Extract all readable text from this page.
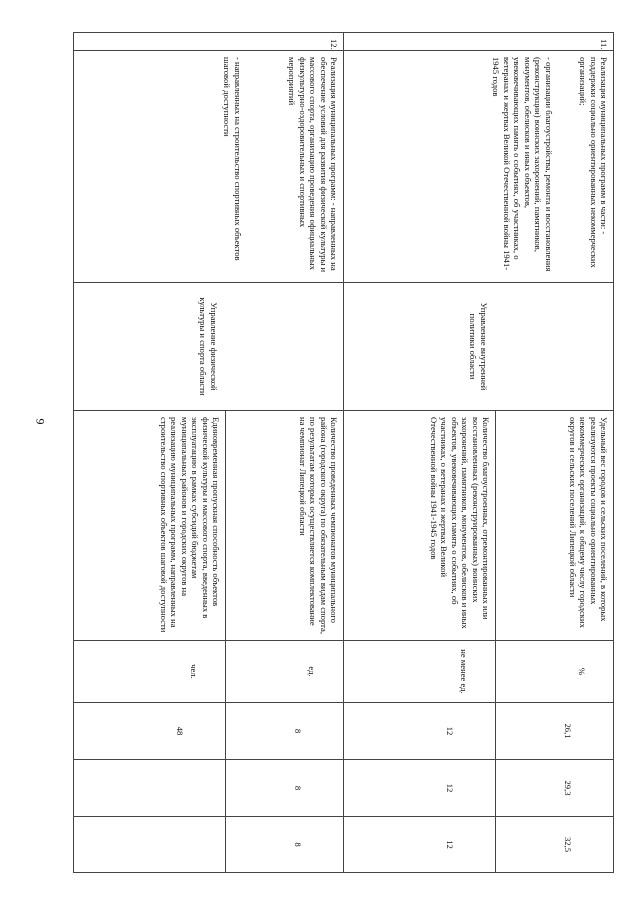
9
11.	Реализация муниципальных программ в части: - поддержки социально ориентированных некоммерческих организаций;

- организации благоустройства, ремонта и восстановления (реконструкции) воинских захоронений, памятников, монументов, обелисков и иных объектов, увековечивающих память о событиях, об участниках, о ветеранах и жертвах Великой Отечественной войны 1941-1945 годов	Управление внутренней политики области	Удельный вес городов и сельских поселений, в которых реализуются проекты социально ориентированных некоммерческих организаций, к общему числу городских округов и сельских поселений Липецкой области	%	26,1	29,3	32,5
			Количество благоустроенных, отремонтированных или восстановленных (реконструированных) воинских захоронений, памятников, монументов, обелисков и иных объектов, увековечивающих память о событиях, об участниках, о ветеранах и жертвах Великой Отечественной войны 1941-1945 годов	не менее ед.	12	12	12
12.	Реализация муниципальных программ: - направленных на обеспечение условий для развития физической культуры и массового спорта, организацию проведения официальных физкультурно-оздоровительных и спортивных мероприятий

- направленных на строительство спортивных объектов шаговой доступности	Управление физической культуры и спорта области	Количество проведенных чемпионатов муниципального района (городского округа) по обязательным видам спорта, по результатам которых осуществляется комплектование на чемпионат Липецкой области	ед.	8	8	8
			Единовременная пропускная способность объектов физической культуры и массового спорта, введенных в эксплуатацию в рамках субсидий бюджетам муниципальных районов и городских округов на реализацию муниципальных программ, направленных на строительство спортивных объектов шаговой доступности	чел.	48		
